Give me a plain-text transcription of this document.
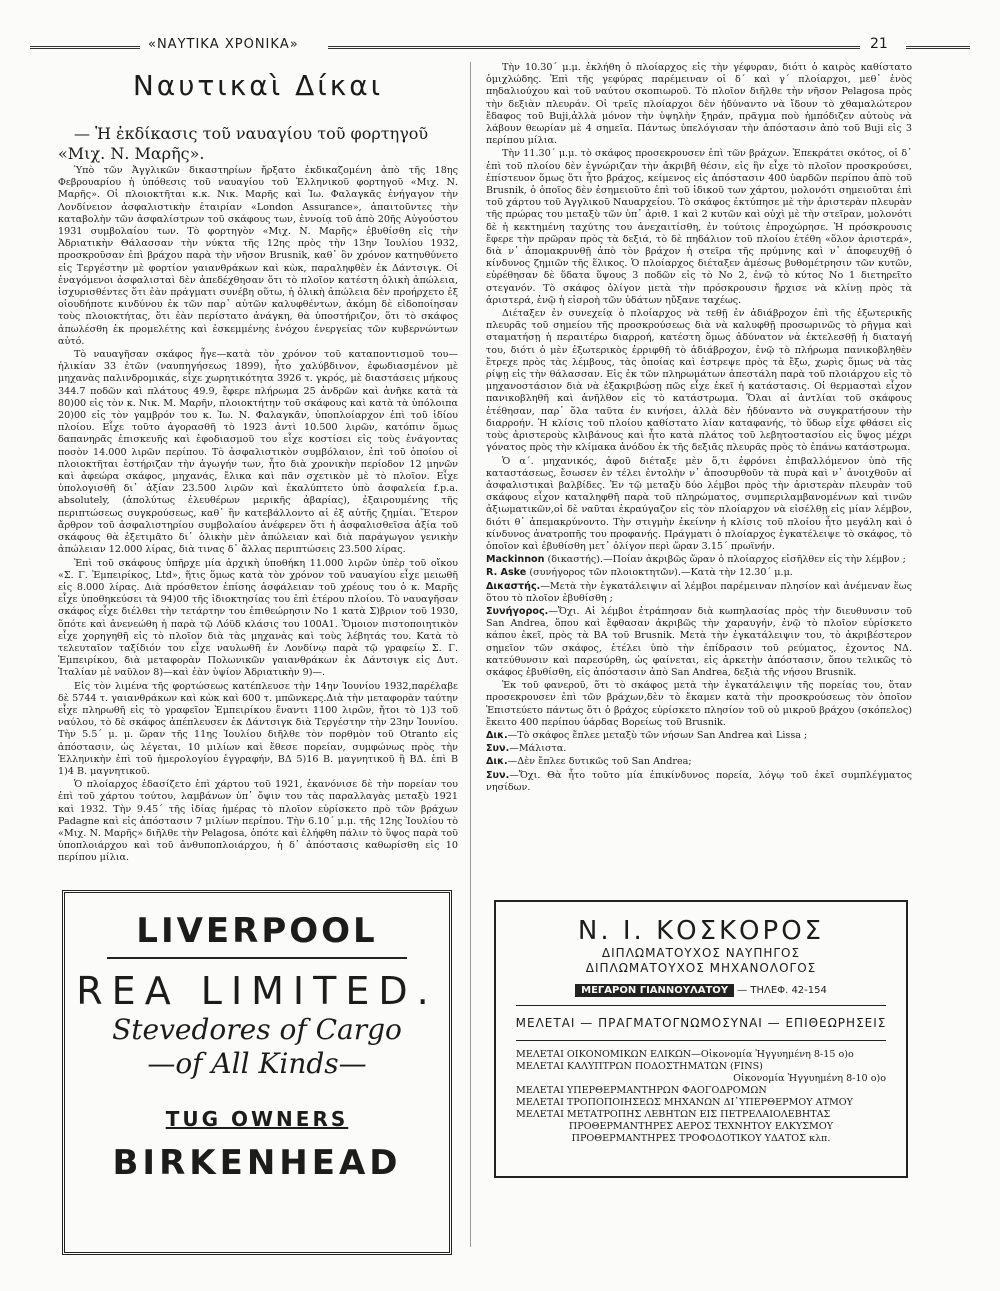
«ΝΑΥΤΙΚΑ ΧΡΟΝΙΚΑ»	21
Ναυτικαὶ Δίκαι

— Ἡ ἐκδίκασις τοῦ ναυαγίου τοῦ φορτηγοῦ «Μιχ. Ν. Μαρῆς».

Ὑπὸ τῶν Ἀγγλικῶν δικαστηρίων ἤρξατο ἐκδικαζομένη ἀπὸ τῆς 18ης Φεβρουαρίου ἡ ὑπόθεσις τοῦ ναυαγίου τοῦ Ἑλληνικοῦ φορτηγοῦ «Μιχ. Ν. Μαρῆς». Οἱ πλοιοκτῆται κ.κ. Νικ. Μαρῆς καὶ Ἰω. Φαλαγκᾶς ἐνήγαγον τὴν Λονδίνειον ἀσφαλιστικὴν ἑταιρίαν «London Assurance», ἀπαιτοῦντες τὴν καταβολὴν τῶν ἀσφαλίστρων τοῦ σκάφους των, ἐννοίᾳ τοῦ ἀπὸ 20ῆς Αὐγούστου 1931 συμβολαίου των. Τὸ φορτηγὸν «Μιχ. Ν. Μαρῆς» ἐβυθίσθη εἰς τὴν Ἀδριατικὴν Θάλασσαν τὴν νύκτα τῆς 12ης πρὸς τὴν 13ην Ἰουλίου 1932, προσκροῦσαν ἐπὶ βράχου παρὰ τὴν νῆσον Brusnik, καθ᾽ ὃν χρόνον κατηυθύνετο εἰς Τεργέστην μὲ φορτίον γαιανθράκων καὶ κὼκ, παραληφθὲν ἐκ Δάντσιγκ. Οἱ ἐναγόμενοι ἀσφαλισταὶ δὲν ἀπεδέχθησαν ὅτι τὸ πλοῖον κατέστη ὁλικὴ ἀπώλεια, ἰσχυρισθέντες ὅτι ἐὰν πράγματι συνέβη οὕτω, ἡ ὁλικὴ ἀπώλεια δὲν προήρχετο ἐξ οἱουδήποτε κινδύνου ἐκ τῶν παρ᾽ αὐτῶν καλυφθέντων, ἀκόμη δὲ εἰδοποίησαν τοὺς πλοιοκτήτας, ὅτι ἐὰν περίστατο ἀνάγκη, θὰ ὑποστήριζον, ὅτι τὸ σκάφος ἀπωλέσθη ἐκ προμελέτης καὶ ἐσκεμμένης ἐνόχου ἐνεργείας τῶν κυβερνώντων αὐτό.

Τὸ ναυαγῆσαν σκάφος ἦγε—κατὰ τὸν χρόνον τοῦ καταποντισμοῦ του—ἡλικίαν 33 ἐτῶν (ναυπηγήσεως 1899), ἦτο χαλύβδινον, ἐφωδιασμένον μὲ μηχανὰς παλινδρομικάς, εἶχε χωρητικότητα 3926 τ. γκρός, μὲ διαστάσεις μήκους 344.7 ποδῶν καὶ πλάτους 49.9, ἔφερε πλήρωμα 25 ἀνδρῶν καὶ ἀνῆκε κατὰ τὰ 80)00 εἰς τὸν κ. Νικ. Μ. Μαρῆν, πλοιοκτήτην τοῦ σκάφους καὶ κατὰ τὰ ὑπόλοιπα 20)00 εἰς τὸν γαμβρόν του κ. Ἰω. Ν. Φαλαγκᾶν, ὑποπλοίαρχον ἐπὶ τοῦ ἰδίου πλοίου. Εἶχε τοῦτο ἀγορασθῆ τὸ 1923 ἀντὶ 10.500 λιρῶν, κατόπιν ὅμως δαπανηρᾶς ἐπισκευῆς καὶ ἐφοδιασμοῦ του εἶχε κοστίσει εἰς τοὺς ἐνάγοντας ποσὸν 14.000 λιρῶν περίπου. Τὸ ἀσφαλιστικὸν συμβόλαιον, ἐπὶ τοῦ ὁποίου οἱ πλοιοκτῆται ἐστήριζαν τὴν ἀγωγήν των, ἦτο διὰ χρονικὴν περίοδον 12 μηνῶν καὶ ἀφεώρα σκάφος, μηχανάς, ἔλικα καὶ πᾶν σχετικὸν μὲ τὸ πλοῖον. Εἶχε ὑπολογισθῆ δι᾽ ἀξίαν 23.500 λιρῶν καὶ ἐκαλύπτετο ὑπὸ ἀσφαλεία f.p.a. absolutely, (ἀπολύτως ἐλευθέρων μερικῆς ἀβαρίας), ἐξαιρουμένης τῆς περιπτώσεως συγκρούσεως, καθ᾽ ἣν κατεβάλλοντο αἱ ἐξ αὐτῆς ζημίαι. Ἕτερον ἄρθρον τοῦ ἀσφαλιστηρίου συμβολαίου ἀνέφερεν ὅτι ἡ ἀσφαλισθεῖσα ἀξία τοῦ σκάφους θὰ ἐξετιμᾶτο δι᾽ ὁλικὴν μὲν ἀπώλειαν καὶ διὰ παράγωγον γενικὴν ἀπώλειαν 12.000 λίρας, διὰ τινας δ᾽ ἄλλας περιπτώσεις 23.500 λίρας.

Ἐπὶ τοῦ σκάφους ὑπῆρχε μία ἀρχικὴ ὑποθήκη 11.000 λιρῶν ὑπὲρ τοῦ οἴκου «Σ. Γ. Ἐμπειρίκος, Ltd», ἥτις ὅμως κατὰ τὸν χρόνον τοῦ ναυαγίου εἶχε μειωθῆ εἰς 8.000 λίρας. Διὰ πρόσθετον ἐπίσης ἀσφάλειαν τοῦ χρέους του ὁ κ. Μαρῆς εἶχε ὑποθηκεύσει τὰ 94)00 τῆς ἰδιοκτησίας του ἐπὶ ἑτέρου πλοίου. Τὸ ναυαγῆσαν σκάφος εἶχε διέλθει τὴν τετάρτην του ἐπιθεώρησιν Νο 1 κατὰ Σ)βριον τοῦ 1930, ὅπότε καὶ ἀνενεώθη ἡ παρὰ τῷ Λόϋδ κλάσις του 100Α1. Ὅμοιον πιστοποιητικὸν εἶχε χορηγηθῆ εἰς τὸ πλοῖον διὰ τὰς μηχανὰς καὶ τοὺς λέβητάς του. Κατὰ τὸ τελευταῖον ταξίδιόν του εἶχε ναυλωθῆ ἐν Λονδίνῳ παρὰ τῷ γραφείῳ Σ. Γ. Ἐμπειρίκου, διὰ μεταφορὰν Πολωνικῶν γαιανθράκων ἐκ Δάντσιγκ εἰς Δυτ. Ἰταλίαν μὲ ναῦλον 8)—καὶ ἐὰν ὑψίον Ἀδριατικὴν 9)—.

Εἰς τὸν λιμένα τῆς φορτώσεως κατέπλευσε τὴν 14ην Ἰουνίου 1932,παρέλαβε δὲ 5744 τ. γαιανθράκων καὶ κὼκ καὶ 600 τ. μπῶνκερς.Διὰ τὴν μεταφορὰν ταύτην εἶχε πληρωθῆ εἰς τὸ γραφεῖον Ἐμπειρίκου ἕναντι 1100 λιρῶν, ἤτοι τὸ 1)3 τοῦ ναύλου, τὸ δὲ σκάφος ἀπέπλευσεν ἐκ Δάντσιγκ διὰ Τεργέστην τὴν 23ην Ἰουνίου. Τὴν 5.5´ μ. μ. ὥραν τῆς 11ης Ἰουλίου διῆλθε τὸν πορθμὸν τοῦ Otranto εἰς ἀπόστασιν, ὡς λέγεται, 10 μιλίων καὶ ἔθεσε πορείαν, συμφώνως πρὸς τὴν Ἑλληνικὴν ἐπὶ τοῦ ἡμερολογίου ἐγγραφήν, ΒΔ 5)16 Β. μαγνητικοῦ ἢ ΒΔ. ἐπὶ Β 1)4 Β. μαγνητικοῦ.

Ὁ πλοίαρχος ἐδασίζετο ἐπὶ χάρτου τοῦ 1921, ἐκανόνισε δὲ τὴν πορείαν του ἐπὶ τοῦ χάρτου τούτου, λαμβάνων ὑπ᾽ ὄψιν του τὰς παραλλαγὰς μεταξὺ 1921 καὶ 1932. Τὴν 9.45´ τῆς ἰδίας ἡμέρας τὸ πλοῖον εὑρίσκετο πρὸ τῶν βράχων Padagne καὶ εἰς ἀπόστασιν 7 μιλίων περίπου. Τὴν 6.10´ μ.μ. τῆς 12ης Ἰουλίου τὸ «Μιχ. Ν. Μαρῆς» διῆλθε τὴν Pelagosa, ὁπότε καὶ ἐλήφθη πάλιν τὸ ὕψος παρὰ τοῦ ὑποπλοιάρχου καὶ τοῦ ἀνθυποπλοιάρχου, ἡ δ᾽ ἀπόστασις καθωρίσθη εἰς 10 περίπου μίλια.

Τὴν 10.30´ μ.μ. ἐκλήθη ὁ πλοίαρχος εἰς τὴν γέφυραν, διότι ὁ καιρὸς καθίστατο ὁμιχλώδης. Ἐπὶ τῆς γεφύρας παρέμειναν οἱ δ´ καὶ γ´ πλοίαρχοι, μεθ᾽ ἑνὸς πηδαλιούχου καὶ τοῦ ναύτου σκοπιωροῦ. Τὸ πλοῖον διῆλθε τὴν νῆσον Pelagosa πρὸς τὴν δεξιὰν πλευράν. Οἱ τρεῖς πλοίαρχοι δὲν ἠδύναντο νὰ ἴδουν τὸ χθαμαλώτερον ἔδαφος τοῦ Buji,ἀλλὰ μόνον τὴν ὑψηλὴν ξηράν, πρᾶγμα ποὺ ἠμπόδιζεν αὐτοὺς νὰ λάβουν θεωρίαν μὲ 4 σημεῖα. Πάντως ὑπελόγισαν τὴν ἀπόστασιν ἀπὸ τοῦ Buji εἰς 3 περίπου μίλια.

Τὴν 11.30´ μ.μ. τὸ σκάφος προσεκρουσεν ἐπὶ τῶν βράχων. Ἐπεκράτει σκότος, οἱ δ᾽ ἐπὶ τοῦ πλοίου δὲν ἐγνώριζαν τὴν ἀκριβῆ θέσιν, εἰς ἣν εἶχε τὸ πλοῖον προσκρούσει, ἐπίστευον ὅμως ὅτι ἦτο βράχος, κείμενος εἰς ἀπόστασιν 400 ὑαρδῶν περίπου ἀπὸ τοῦ Brusnik, ὁ ὁποῖος δὲν ἐσημειοῦτο ἐπὶ τοῦ ἰδικοῦ των χάρτου, μολονότι σημειοῦται ἐπὶ τοῦ χάρτου τοῦ Ἀγγλικοῦ Ναυαρχείου. Τὸ σκάφος ἐκτύπησε μὲ τὴν ἀριστερὰν πλευρὰν τῆς πρώρας του μεταξὺ τῶν ὑπ᾽ ἀριθ. 1 καὶ 2 κυτῶν καὶ οὐχὶ μὲ τὴν στεῖραν, μολονότι δὲ ἡ κεκτημένη ταχύτης του ἀνεχαιτίσθη, ἐν τούτοις ἐπροχώρησε. Ἡ πρόσκρουσις ἔφερε τὴν πρῶραν πρὸς τὰ δεξιά, τὸ δὲ πηδάλιον τοῦ πλοίου ἐτέθη «ὅλον ἀριστερά», διὰ ν᾽ ἀπομακρυνθῇ ἀπὸ τὸν βράχον ἡ στεῖρα τῆς πρύμνης καὶ ν᾽ ἀποφευχθῇ ὁ κίνδυνος ζημιῶν τῆς ἕλικος. Ὁ πλοίαρχος διέταξεν ἀμέσως βυθομέτρησιν τῶν κυτῶν, εὑρέθησαν δὲ ὕδατα ὕψους 3 ποδῶν εἰς τὸ Νο 2, ἐνῷ τὸ κύτος Νο 1 διετηρεῖτο στεγανόν. Τὸ σκάφος ὀλίγον μετὰ τὴν πρόσκρουσιν ἤρχισε νὰ κλίνῃ πρὸς τὰ ἀριστερά, ἐνῷ ἡ εἰσροὴ τῶν ὑδάτων ηὔξανε ταχέως.

Διέταξεν ἐν συνεχείᾳ ὁ πλοίαρχος νὰ τεθῇ ἐν ἀδιάβροχον ἐπὶ τῆς ἐξωτερικῆς πλευρᾶς τοῦ σημείου τῆς προσκρούσεως διὰ νὰ καλυφθῇ προσωρινῶς τὸ ρῆγμα καὶ σταματήσῃ ἡ περαιτέρω διαρροή, κατέστη ὅμως ἀδύνατον νὰ ἐκτελεσθῇ ἡ διαταγή του, διότι ὁ μὲν ἐξωτερικὸς ἐρριφθῆ τὸ ἀδιάβροχον, ἐνῷ τὸ πλήρωμα πανικοβληθὲν ἔτρεχε πρὸς τὰς λέμβους, τὰς ὁποίας καὶ ἐστρεψε πρὸς τὰ ἔξω, χωρὶς ὅμως νὰ τὰς ρίψῃ εἰς τὴν θάλασσαν. Εἰς ἐκ τῶν πληρωμάτων ἀπεστάλη παρὰ τοῦ πλοιάρχου εἰς τὸ μηχανοστάσιον διὰ νὰ ἐξακριβώσῃ πῶς εἶχε ἐκεῖ ἡ κατάστασις. Οἱ θερμασταὶ εἶχον πανικοβληθῆ καὶ ἀνῆλθον εἰς τὸ κατάστρωμα. Ὅλαι αἱ ἀντλίαι τοῦ σκάφους ἐτέθησαν, παρ᾽ ὅλα ταῦτα ἐν κινήσει, ἀλλὰ δὲν ἠδύναντο νὰ συγκρατήσουν τὴν διαρροήν. Ἡ κλίσις τοῦ πλοίου καθίστατο λίαν καταφανής, τὸ ὕδωρ εἶχε φθάσει εἰς τοὺς ἀριστεροὺς κλιβάνους καὶ ἦτο κατὰ πλάτος τοῦ λεβητοστασίου εἰς ὕψος μέχρι γόνατος πρὸς τὴν κλίμακα ἀνόδου ἐκ τῆς δεξιᾶς πλευρᾶς πρὸς τὸ ἐπάνω κατάστρωμα.

Ὁ α´. μηχανικός, ἀφοῦ διέταξε μὲν ὅ,τι ἐφρόνει ἐπιβαλλόμενον ὑπὸ τῆς καταστάσεως, ἔσωσεν ἐν τέλει ἐντολὴν ν᾽ ἀποσυρθοῦν τὰ πυρὰ καὶ ν᾽ ἀνοιχθοῦν αἱ ἀσφαλιστικαὶ βαλβίδες. Ἐν τῷ μεταξὺ δύο λέμβοι πρὸς τὴν ἀριστερὰν πλευρὰν τοῦ σκάφους εἶχον καταληφθῆ παρὰ τοῦ πληρώματος, συμπεριλαμβανομένων καὶ τινῶν ἀξιωματικῶν,οἱ δὲ ναῦται ἐκραύγαζον εἰς τὸν πλοίαρχον νὰ εἰσέλθῃ εἰς μίαν λέμβον, διότι θ᾽ ἀπεμακρύνοντο. Τὴν στιγμὴν ἐκείνην ἡ κλίσις τοῦ πλοίου ἦτο μεγάλη καὶ ὁ κίνδυνος ἀνατροπῆς του προφανής. Πράγματι ὁ πλοίαρχος ἐγκατέλειψε τὸ σκάφος, τὸ ὁποῖον καὶ ἐβυθίσθη μετ᾽ ὀλίγον περὶ ὥραν 3.15´ πρωϊνήν.

Mackinnon (δικαστής).—Ποίαν ἀκριβῶς ὥραν ὁ πλοίαρχος εἰσῆλθεν εἰς τὴν λέμβον ;

R. Aske (συνήγορος τῶν πλοιοκτητῶν).—Κατὰ τὴν 12.30´ μ.μ.

Δικαστής.—Μετὰ τὴν ἐγκατάλειψιν αἱ λέμβοι παρέμειναν πλησίον καὶ ἀνέμεναν ἕως ὅτου τὸ πλοῖον ἐβυθίσθη ;

Συνήγορος.—Ὄχι. Αἱ λέμβοι ἐτράπησαν διὰ κωπηλασίας πρὸς τὴν διευθυνσιν τοῦ San Andrea, ὅπου καὶ ἔφθασαν ἀκριβῶς τὴν χαραυγήν, ἐνῷ τὸ πλοῖον εὑρίσκετο κάπου ἐκεῖ, πρὸς τὰ ΒΑ τοῦ Brusnik. Μετὰ τὴν ἐγκατάλειψιν του, τὸ ἀκριβέστερον σημεῖον τῶν σκάφος, ἐτέλει ὑπὸ τὴν ἐπίδρασιν τοῦ ρεύματος, ἐχοντος ΝΔ. κατεύθυνσιν καὶ παρεσύρθη, ὡς φαίνεται, εἰς ἀρκετὴν ἀπόστασιν, ὅπου τελικῶς τὸ σκάφος ἐβυθίσθη, εἰς ἀπόστασιν ἀπὸ San Andrea, δεξιὰ τῆς νήσου Brusnik.

Ἐκ τοῦ φανεροῦ, ὅτι τὸ σκάφος μετὰ τὴν ἐγκατάλειψιν τῆς πορείας του, ὅταν προσεκρουσεν ἐπὶ τῶν βράχων,δὲν τὸ ἔκαμεν κατὰ τὴν προσκρούσεως τὸν ὁποῖον Ἐπιστεύετο πάντως ὅτι ὁ βράχος εὑρίσκετο πλησίον τοῦ οὐ μικροῦ βράχου (σκόπελος) ἔκειτο 400 περίπου ὑάρδας Βορείως τοῦ Brusnik.

Δικ.—Τὸ σκάφος ἔπλεε μεταξὺ τῶν νήσων San Andrea καὶ Lissa ;

Συν.—Μάλιστα.

Δικ.—Δὲν ἔπλεε δυτικῶς τοῦ San Andrea;

Συν.—Ὄχι. Θὰ ἦτο τοῦτο μία ἐπικίνδυνος πορεία, λόγῳ τοῦ ἐκεῖ συμπλέγματος νησίδων.

LIVERPOOL
REA LIMITED.
Stevedores of Cargo
—of All Kinds—
TUG OWNERS
BIRKENHEAD
Ν. Ι. ΚΟΣΚΟΡΟΣ
ΔΙΠΛΩΜΑΤΟΥΧΟΣ ΝΑΥΠΗΓΟΣ
ΔΙΠΛΩΜΑΤΟΥΧΟΣ ΜΗΧΑΝΟΛΟΓΟΣ
ΜΕΓΑΡΟΝ ΓΙΑΝΝΟΥΛΑΤΟΥ — ΤΗΛΕΦ. 42-154
ΜΕΛΕΤΑΙ — ΠΡΑΓΜΑΤΟΓΝΩΜΟΣΥΝΑΙ — ΕΠΙΘΕΩΡΗΣΕΙΣ
ΜΕΛΕΤΑΙ ΟΙΚΟΝΟΜΙΚΩΝ ΕΛΙΚΩΝ—Οἰκονομία Ἠγγυημένη 8-15 ο)ο
ΜΕΛΕΤΑΙ ΚΑΛΥΠΤΡΩΝ ΠΟΔΟΣΤΗΜΑΤΩΝ (FINS)
Οἰκονομία Ἠγγυημένη 8-10 ο)ο
ΜΕΛΕΤΑΙ ΥΠΕΡΘΕΡΜΑΝΤΗΡΩΝ ΦΑΟΓΟΔΡΟΜΩΝ
ΜΕΛΕΤΑΙ ΤΡΟΠΟΠΟΙΗΣΕΩΣ ΜΗΧΑΝΩΝ ΔΙ᾽ΥΠΕΡΘΕΡΜΟΥ ΑΤΜΟΥ
ΜΕΛΕΤΑΙ ΜΕΤΑΤΡΟΠΗΣ ΛΕΒΗΤΩΝ ΕΙΣ ΠΕΤΡΕΛΑΙΟΛΕΒΗΤΑΣ
ΠΡΟΘΕΡΜΑΝΤΗΡΕΣ ΑΕΡΟΣ ΤΕΧΝΗΤΟΥ ΕΛΚΥΣΜΟΥ
ΠΡΟΘΕΡΜΑΝΤΗΡΕΣ ΤΡΟΦΟΔΟΤΙΚΟΥ ΥΔΑΤΟΣ κλπ.
